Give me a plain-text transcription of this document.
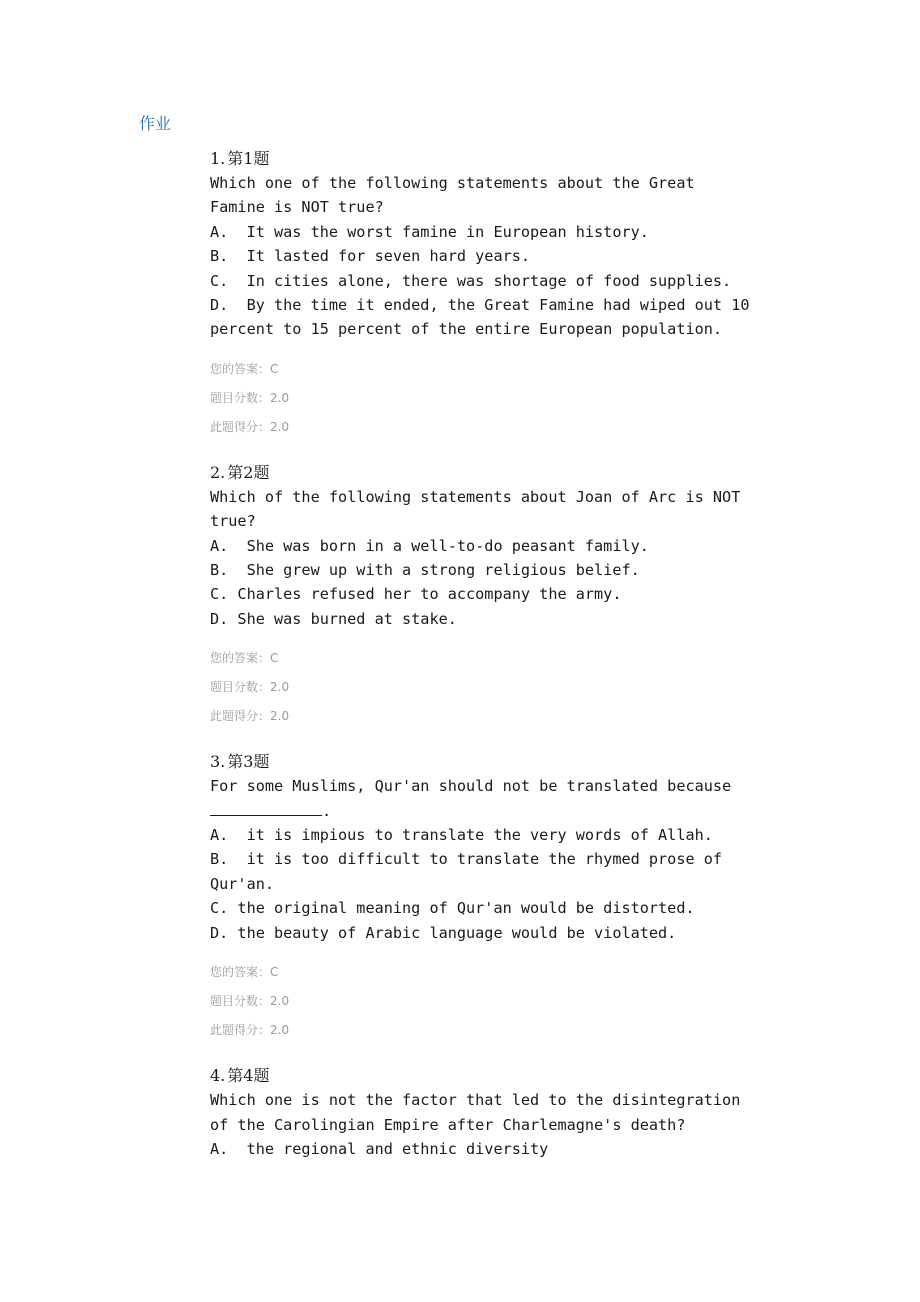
作业
1. 第1题
Which one of the following statements about the Great
Famine is NOT true?
A.  It was the worst famine in European history.
B.  It lasted for seven hard years.
C.  In cities alone, there was shortage of food supplies.
D.  By the time it ended, the Great Famine had wiped out 10
percent to 15 percent of the entire European population.
您的答案：C
题目分数：2.0
此题得分：2.0
2. 第2题
Which of the following statements about Joan of Arc is NOT
true?
A.  She was born in a well-to-do peasant family.
B.  She grew up with a strong religious belief.
C. Charles refused her to accompany the army.
D. She was burned at stake.
您的答案：C
题目分数：2.0
此题得分：2.0
3. 第3题
For some Muslims, Qur'an should not be translated because
.
A.  it is impious to translate the very words of Allah.
B.  it is too difficult to translate the rhymed prose of
Qur'an.
C. the original meaning of Qur'an would be distorted.
D. the beauty of Arabic language would be violated.
您的答案：C
题目分数：2.0
此题得分：2.0
4. 第4题
Which one is not the factor that led to the disintegration
of the Carolingian Empire after Charlemagne's death?
A.  the regional and ethnic diversity
